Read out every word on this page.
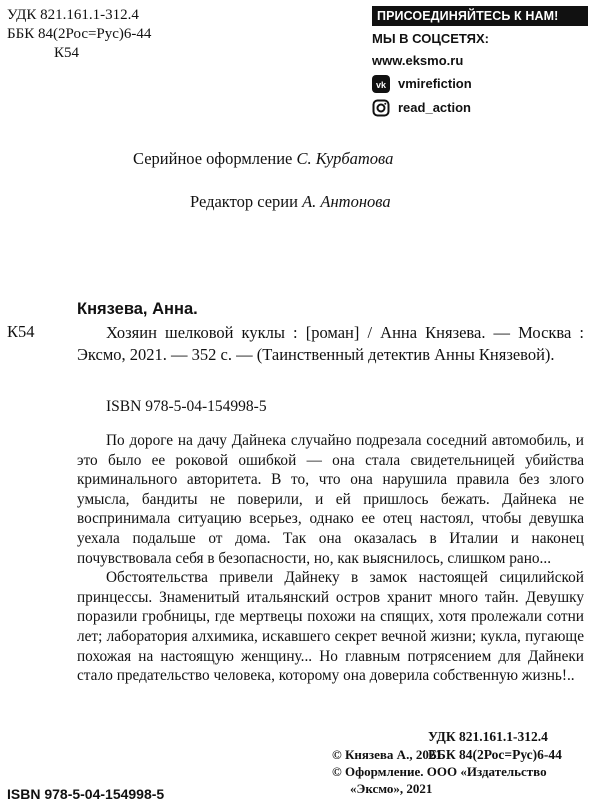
УДК 821.161.1-312.4
ББК 84(2Рос=Рус)6-44
К54
ПРИСОЕДИНЯЙТЕСЬ К НАМ!
МЫ В СОЦСЕТЯХ:
www.eksmo.ru
vk vmirefiction
read_action
Серийное оформление С. Курбатова
Редактор серии А. Антонова
Князева, Анна.
К54	Хозяин шелковой куклы : [роман] / Анна Князева. — Москва : Эксмо, 2021. — 352 с. — (Таинственный детектив Анны Князевой).
ISBN 978-5-04-154998-5

По дороге на дачу Дайнека случайно подрезала соседний автомобиль, и это было ее роковой ошибкой — она стала свидетельницей убийства криминального авторитета. В то, что она нарушила правила без злого умысла, бандиты не поверили, и ей пришлось бежать. Дайнека не воспринимала ситуацию всерьез, однако ее отец настоял, чтобы девушка уехала подальше от дома. Так она оказалась в Италии и наконец почувствовала себя в безопасности, но, как выяснилось, слишком рано...

Обстоятельства привели Дайнеку в замок настоящей сицилийской принцессы. Знаменитый итальянский остров хранит много тайн. Девушку поразили гробницы, где мертвецы похожи на спящих, хотя пролежали сотни лет; лаборатория алхимика, искавшего секрет вечной жизни; кукла, пугающе похожая на настоящую женщину... Но главным потрясением для Дайнеки стало предательство человека, которому она доверила собственную жизнь!..

УДК 821.161.1-312.4
ББК 84(2Рос=Рус)6-44
ISBN 978-5-04-154998-5
© Князева А., 2021
© Оформление. ООО «Издательство
«Эксмо», 2021
